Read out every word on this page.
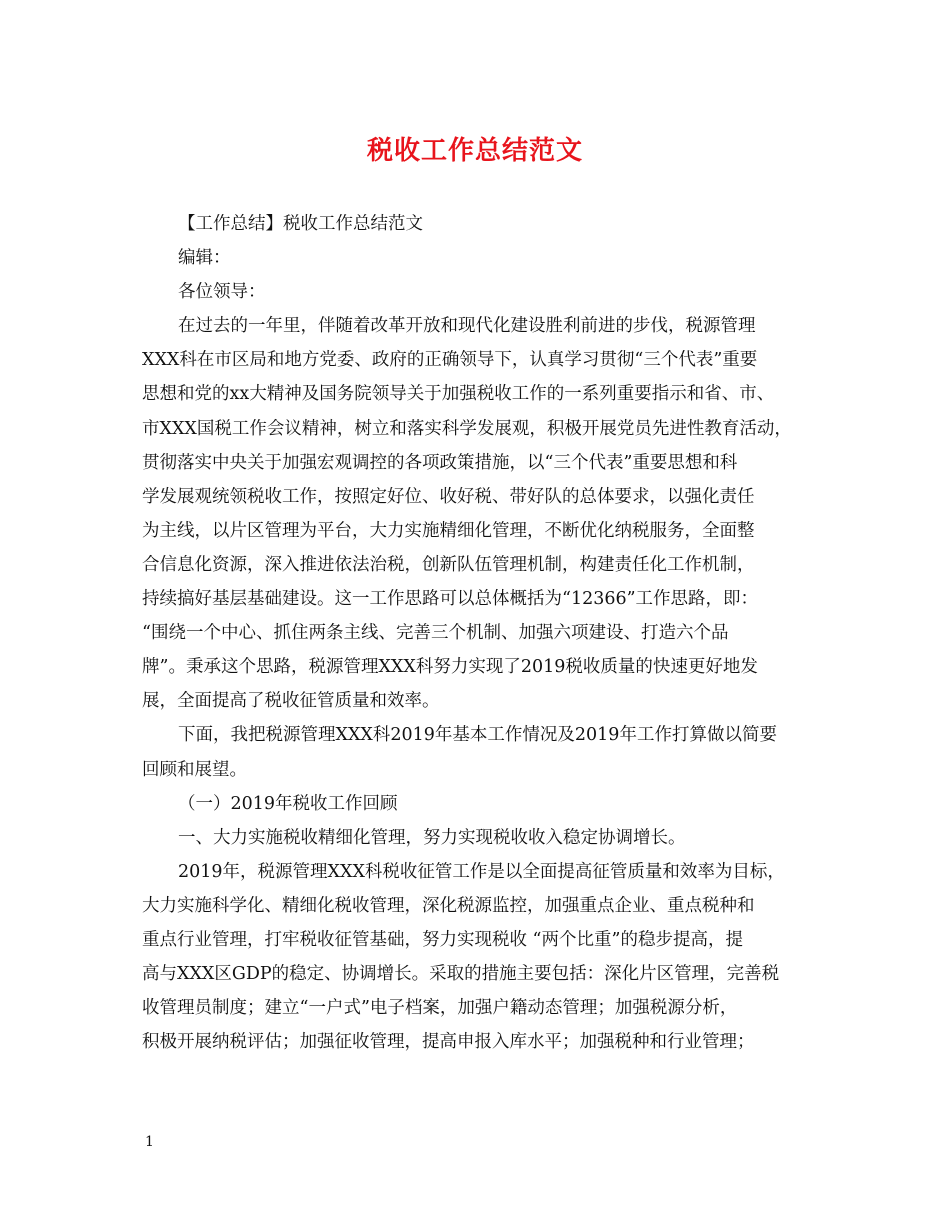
税收工作总结范文
【工作总结】税收工作总结范文
编辑：
各位领导：
在过去的一年里，伴随着改革开放和现代化建设胜利前进的步伐，税源管理
XXX科在市区局和地方党委、政府的正确领导下，认真学习贯彻“三个代表”重要
思想和党的xx大精神及国务院领导关于加强税收工作的一系列重要指示和省、市、
市XXX国税工作会议精神，树立和落实科学发展观，积极开展党员先进性教育活动，
贯彻落实中央关于加强宏观调控的各项政策措施，以“三个代表”重要思想和科
学发展观统领税收工作，按照定好位、收好税、带好队的总体要求，以强化责任
为主线，以片区管理为平台，大力实施精细化管理，不断优化纳税服务，全面整
合信息化资源，深入推进依法治税，创新队伍管理机制，构建责任化工作机制，
持续搞好基层基础建设。这一工作思路可以总体概括为“12366”工作思路，即：
“围绕一个中心、抓住两条主线、完善三个机制、加强六项建设、打造六个品
牌”。秉承这个思路，税源管理XXX科努力实现了2019税收质量的快速更好地发
展，全面提高了税收征管质量和效率。
下面，我把税源管理XXX科2019年基本工作情况及2019年工作打算做以简要
回顾和展望。
（一）2019年税收工作回顾
一、大力实施税收精细化管理，努力实现税收收入稳定协调增长。
2019年，税源管理XXX科税收征管工作是以全面提高征管质量和效率为目标，
大力实施科学化、精细化税收管理，深化税源监控，加强重点企业、重点税种和
重点行业管理，打牢税收征管基础，努力实现税收 “两个比重”的稳步提高，提
高与XXX区GDP的稳定、协调增长。采取的措施主要包括：深化片区管理，完善税
收管理员制度；建立“一户式”电子档案，加强户籍动态管理；加强税源分析，
积极开展纳税评估；加强征收管理，提高申报入库水平；加强税种和行业管理；
1
